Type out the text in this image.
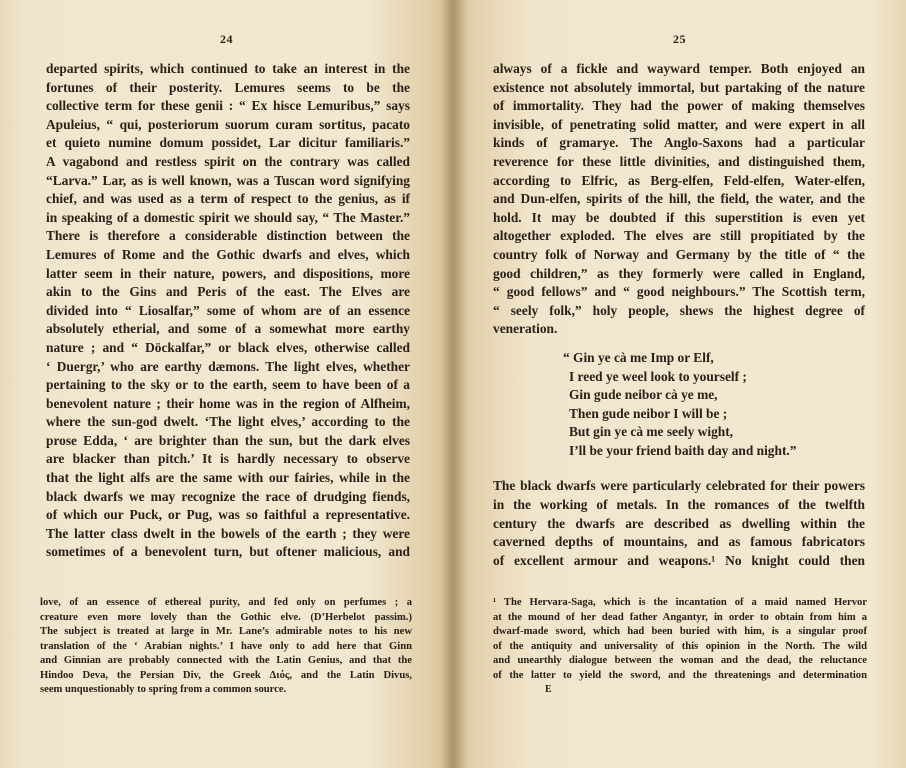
24
departed spirits, which continued to take an interest in the
fortunes of their posterity. Lemures seems to be the
collective term for these genii : “ Ex hisce Lemuribus,” says
Apuleius, “ qui, posteriorum suorum curam sortitus, pacato
et quieto numine domum possidet, Lar dicitur familiaris.”
A vagabond and restless spirit on the contrary was called
“Larva.” Lar, as is well known, was a Tuscan word signifying
chief, and was used as a term of respect to the genius, as if
in speaking of a domestic spirit we should say, “ The Master.”
There is therefore a considerable distinction between the
Lemures of Rome and the Gothic dwarfs and elves, which
latter seem in their nature, powers, and dispositions, more
akin to the Gins and Peris of the east. The Elves are
divided into “ Liosalfar,” some of whom are of an essence
absolutely etherial, and some of a somewhat more earthy
nature ; and “ Döckalfar,” or black elves, otherwise called
‘ Duergr,’ who are earthy dæmons. The light elves, whether
pertaining to the sky or to the earth, seem to have been of a
benevolent nature ; their home was in the region of Alfheim,
where the sun-god dwelt. ‘The light elves,’ according to the
prose Edda, ‘ are brighter than the sun, but the dark elves
are blacker than pitch.’ It is hardly necessary to observe
that the light alfs are the same with our fairies, while in the
black dwarfs we may recognize the race of drudging fiends,
of which our Puck, or Pug, was so faithful a representative.
The latter class dwelt in the bowels of the earth ; they were
sometimes of a benevolent turn, but oftener malicious, and
love, of an essence of ethereal purity, and fed only on perfumes ; a
creature even more lovely than the Gothic elve. (D’Herbelot passim.)
The subject is treated at large in Mr. Lane’s admirable notes to his new
translation of the ‘ Arabian nights.’ I have only to add here that Ginn
and Ginnian are probably connected with the Latin Genius, and that the
Hindoo Deva, the Persian Div, the Greek Διός, and the Latin Divus,
seem unquestionably to spring from a common source.
25
always of a fickle and wayward temper. Both enjoyed an
existence not absolutely immortal, but partaking of the nature
of immortality. They had the power of making themselves
invisible, of penetrating solid matter, and were expert in all
kinds of gramarye. The Anglo-Saxons had a particular
reverence for these little divinities, and distinguished them,
according to Elfric, as Berg-elfen, Feld-elfen, Water-elfen,
and Dun-elfen, spirits of the hill, the field, the water, and the
hold. It may be doubted if this superstition is even yet
altogether exploded. The elves are still propitiated by the
country folk of Norway and Germany by the title of “ the
good children,” as they formerly were called in England,
“ good fellows” and “ good neighbours.” The Scottish term,
“ seely folk,” holy people, shews the highest degree of
veneration.
“ Gin ye cà me Imp or Elf,
I reed ye weel look to yourself ;
Gin gude neibor cà ye me,
Then gude neibor I will be ;
But gin ye cà me seely wight,
I’ll be your friend baith day and night.”
The black dwarfs were particularly celebrated for their powers
in the working of metals. In the romances of the twelfth
century the dwarfs are described as dwelling within the
caverned depths of mountains, and as famous fabricators
of excellent armour and weapons.¹ No knight could then
¹ The Hervara-Saga, which is the incantation of a maid named Hervor
at the mound of her dead father Angantyr, in order to obtain from him a
dwarf-made sword, which had been buried with him, is a singular proof
of the antiquity and universality of this opinion in the North. The wild
and unearthly dialogue between the woman and the dead, the reluctance
of the latter to yield the sword, and the threatenings and determination
E
